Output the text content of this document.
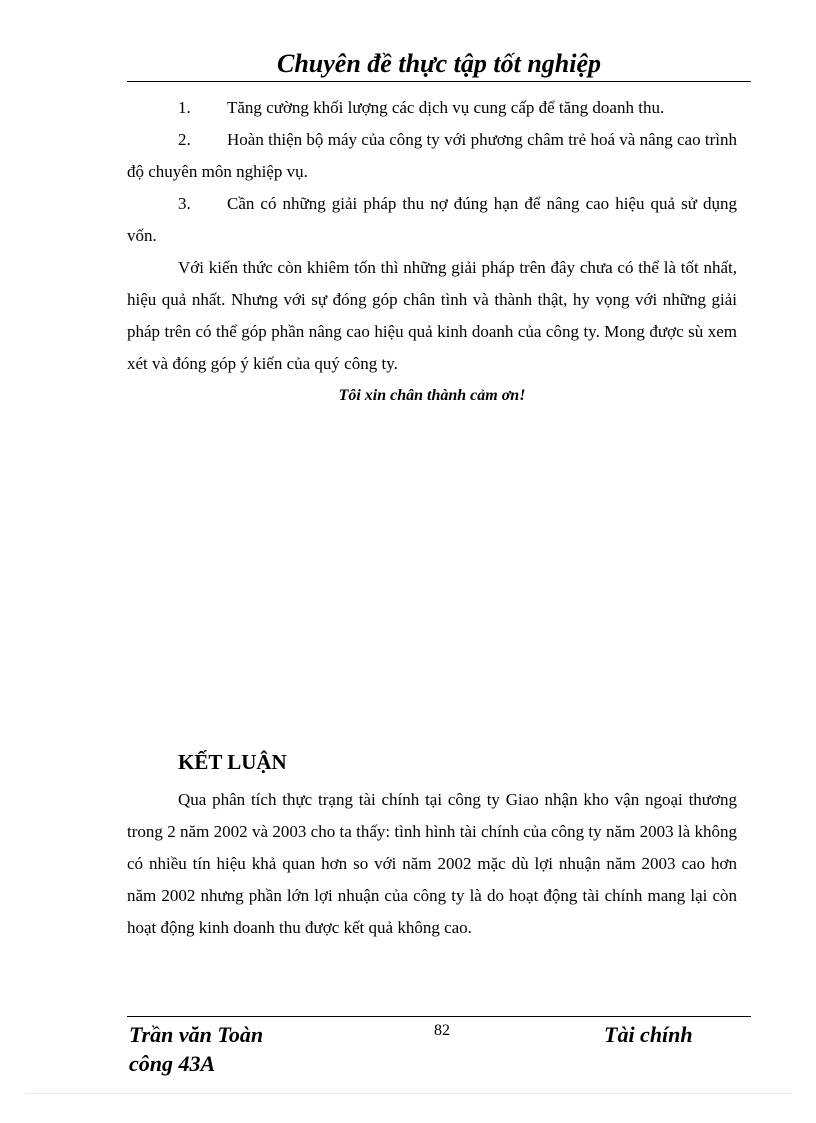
Chuyên đề thực tập tốt nghiệp

1. Tăng cường khối lượng các dịch vụ cung cấp để tăng doanh thu.

2. Hoàn thiện bộ máy của công ty với phương châm trẻ hoá và nâng cao trình độ chuyên môn nghiệp vụ.

3. Cần có những giải pháp thu nợ đúng hạn để nâng cao hiệu quả sử dụng vốn.

Với kiến thức còn khiêm tốn thì những giải pháp trên đây chưa có thể là tốt nhất, hiệu quả nhất. Nhưng với sự đóng góp chân tình và thành thật, hy vọng với những giải pháp trên có thể góp phần nâng cao hiệu quả kinh doanh của công ty. Mong được sù xem xét và đóng góp ý kiến của quý công ty.

Tôi xin chân thành cảm ơn!

KẾT LUẬN

Qua phân tích thực trạng tài chính tại công ty Giao nhận kho vận ngoại thương trong 2 năm 2002 và 2003 cho ta thấy: tình hình tài chính của công ty năm 2003 là không có nhiều tín hiệu khả quan hơn so với năm 2002 mặc dù lợi nhuận năm 2003 cao hơn năm 2002 nhưng phần lớn lợi nhuận của công ty là do hoạt động tài chính mang lại còn hoạt động kinh doanh thu được kết quả không cao.

Trần văn Toàn
công 43A
82	Tài chính
